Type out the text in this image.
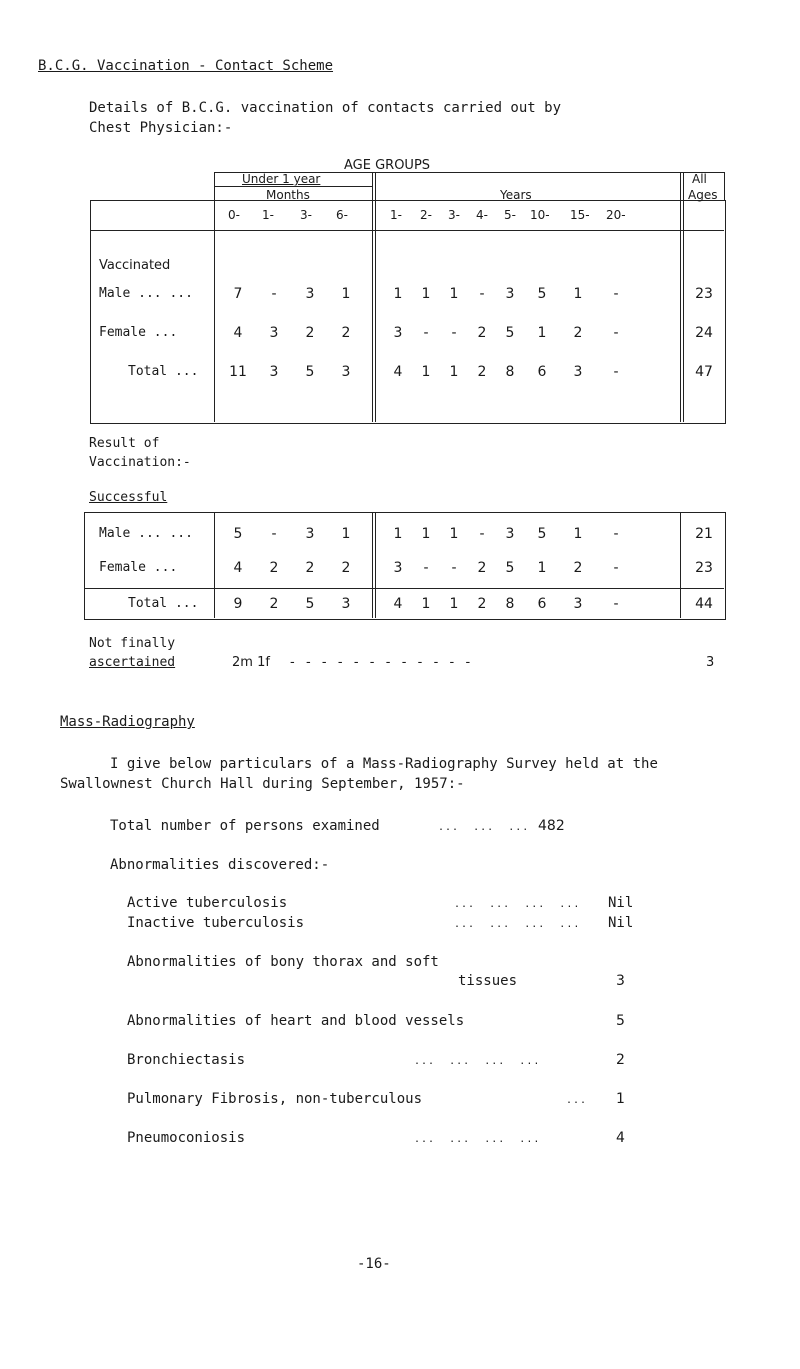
B.C.G. Vaccination - Contact Scheme
Details of B.C.G. vaccination of contacts carried out by
Chest Physician:-
AGE GROUPS
Under 1 year
Months	Years
All
Ages
0- 1- 3- 6-	1- 2- 3- 4- 5- 10- 15- 20-
Vaccinated
Male ... ...	7	-	3	1	1	1	1	-	3	5	1	-	23
Female ...	4	3	2	2	3	-	-	2	5	1	2	-	24
Total ... 11	3	5	3	4	1	1	2	8	6	3	-	47
Result of
Vaccination:-
Successful
Male ... ...	5	-	3	1	1	1	1	-	3	5	1	-	21
Female ...	4	2	2	2	3	-	-	2	5	1	2	-	23
Total ...	9	2	5	3	4	1	1	2	8	6	3	-	44
Not finally
ascertained	2m 1f -  -  -  -  -  -  -  -  -  -  -  -	3
Mass-Radiography
I give below particulars of a Mass-Radiography Survey held at the
Swallownest Church Hall during September, 1957:-
Total number of persons examined	...  ...  ... 482
Abnormalities discovered:-
Active tuberculosis	...  ...  ...  ... Nil
Inactive tuberculosis	...  ...  ...  ... Nil
Abnormalities of bony thorax and soft
tissues	3
Abnormalities of heart and blood vessels	5
Bronchiectasis	...  ...  ...  ...	2
Pulmonary Fibrosis, non-tuberculous	... 1
Pneumoconiosis	...  ...  ...  ...	4
-16-
